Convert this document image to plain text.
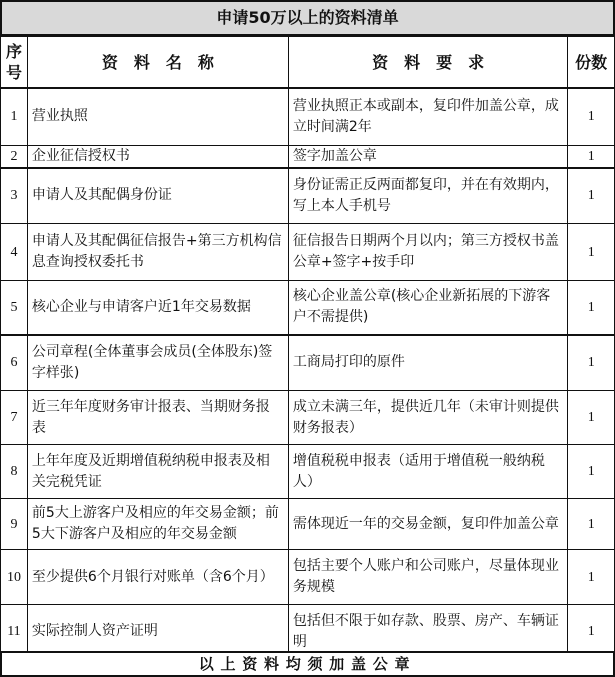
申请50万以上的资料清单
序号	资　料　名　称	资　料　要　求	份数
1	营业执照	营业执照正本或副本，复印件加盖公章，成立时间满2年	1
2	企业征信授权书	签字加盖公章	1
3	申请人及其配偶身份证	身份证需正反两面都复印，并在有效期内，写上本人手机号	1
4	申请人及其配偶征信报告+第三方机构信息查询授权委托书	征信报告日期两个月以内；第三方授权书盖公章+签字+按手印	1
5	核心企业与申请客户近1年交易数据	核心企业盖公章(核心企业新拓展的下游客户不需提供)	1
6	公司章程(全体董事会成员(全体股东)签字样张)	工商局打印的原件	1
7	近三年年度财务审计报表、当期财务报表	成立未满三年，提供近几年（未审计则提供财务报表）	1
8	上年年度及近期增值税纳税申报表及相关完税凭证	增值税税申报表（适用于增值税一般纳税人）	1
9	前5大上游客户及相应的年交易金额；前5大下游客户及相应的年交易金额	需体现近一年的交易金额，复印件加盖公章	1
10	至少提供6个月银行对账单（含6个月）	包括主要个人账户和公司账户，尽量体现业务规模	1
11	实际控制人资产证明	包括但不限于如存款、股票、房产、车辆证明	1
以上资料均须加盖公章
